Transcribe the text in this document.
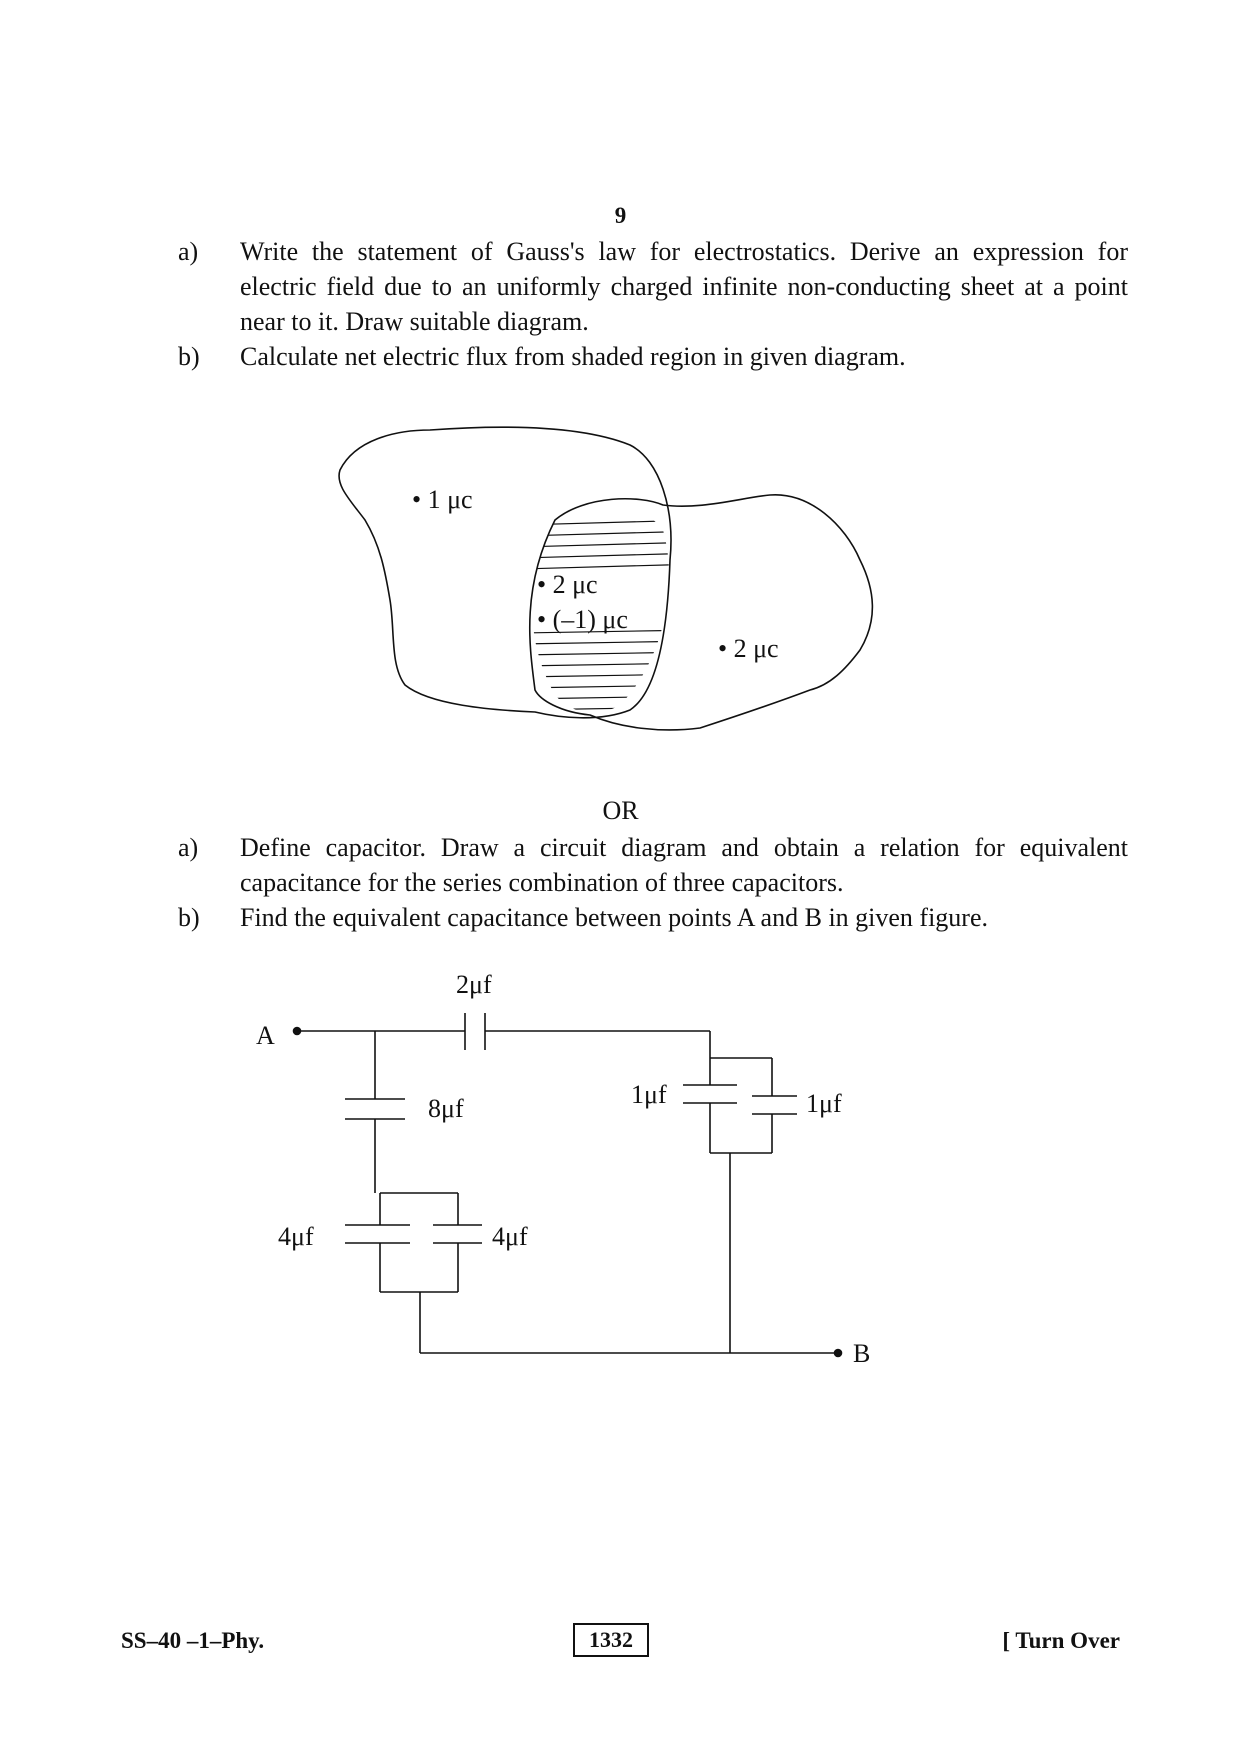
9
a)	Write the statement of Gauss's law for electrostatics. Derive an expression for electric field due to an uniformly charged infinite non-conducting sheet at a point near to it. Draw suitable diagram.
b)	Calculate net electric flux from shaded region in given diagram.
OR
a)	Define capacitor. Draw a circuit diagram and obtain a relation for equivalent capacitance for the series combination of three capacitors.
b)	Find the equivalent capacitance between points A and B in given figure.
• 1 μc
• 2 μc
• (–1) μc
• 2 μc
A
B
2μf
8μf
4μf	4μf
1μf	1μf
SS–40 –1–Phy.	1332	[ Turn Over
